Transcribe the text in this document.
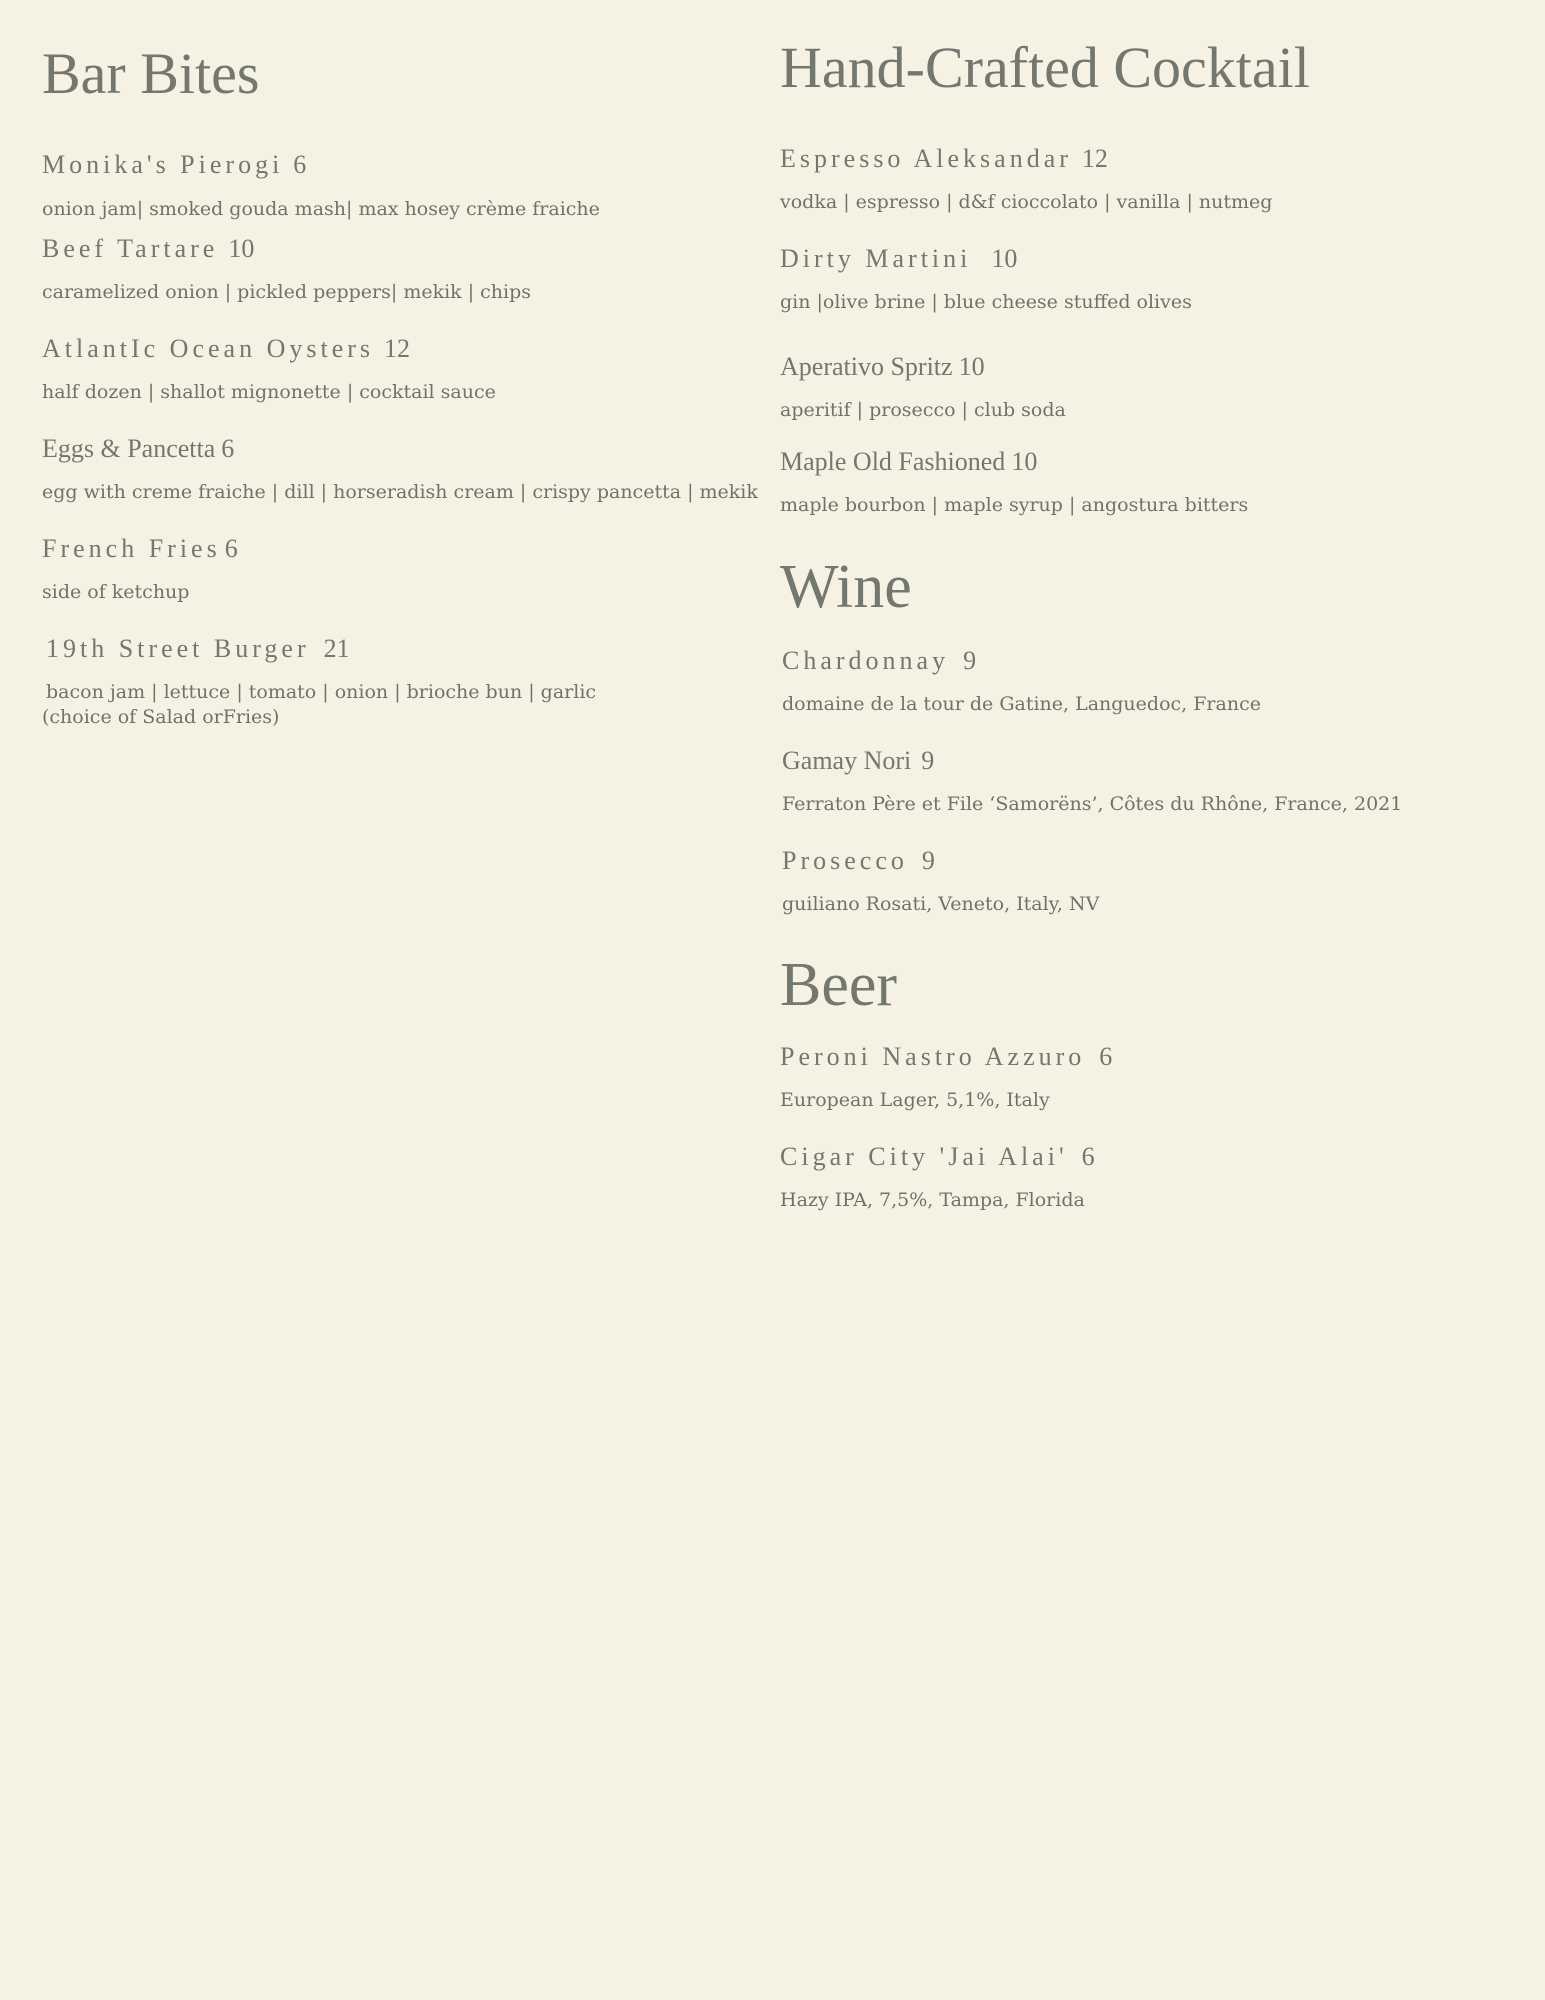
Bar Bites
Monika's Pierogi 6

onion jam| smoked gouda mash| max hosey crème fraiche

Beef Tartare 10

caramelized onion | pickled peppers| mekik | chips

AtlantIc Ocean Oysters 12

half dozen | shallot mignonette | cocktail sauce

Eggs & Pancetta 6

egg with creme fraiche | dill | horseradish cream | crispy pancetta | mekik

French Fries 6

side of ketchup

19th Street Burger 21

bacon jam | lettuce | tomato | onion | brioche bun | garlic

(choice of Salad orFries)

Hand-Crafted Cocktail
Espresso Aleksandar 12

vodka | espresso | d&f cioccolato | vanilla | nutmeg

Dirty Martini 10

gin |olive brine | blue cheese stuffed olives

Aperativo Spritz 10

aperitif | prosecco | club soda

Maple Old Fashioned 10

maple bourbon | maple syrup | angostura bitters

Wine
Chardonnay 9

domaine de la tour de Gatine, Languedoc, France

Gamay Nori 9

Ferraton Père et File ‘Samorëns’, Côtes du Rhône, France, 2021

Prosecco 9

guiliano Rosati, Veneto, Italy, NV

Beer
Peroni Nastro Azzuro 6

European Lager, 5,1%, Italy

Cigar City 'Jai Alai' 6

Hazy IPA, 7,5%, Tampa, Florida
